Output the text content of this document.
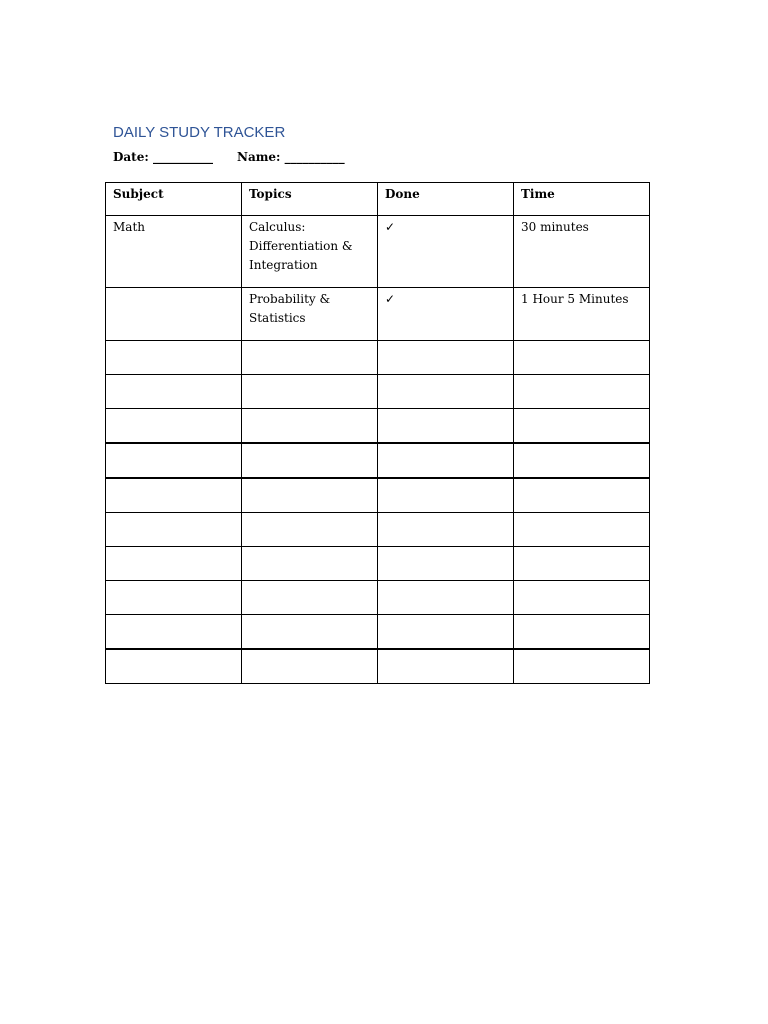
DAILY STUDY TRACKER
Date: __________ Name: __________
Subject	Topics	Done	Time
Math	Calculus: Differentiation & Integration	✓	30 minutes
	Probability & Statistics	✓	1 Hour 5 Minutes
